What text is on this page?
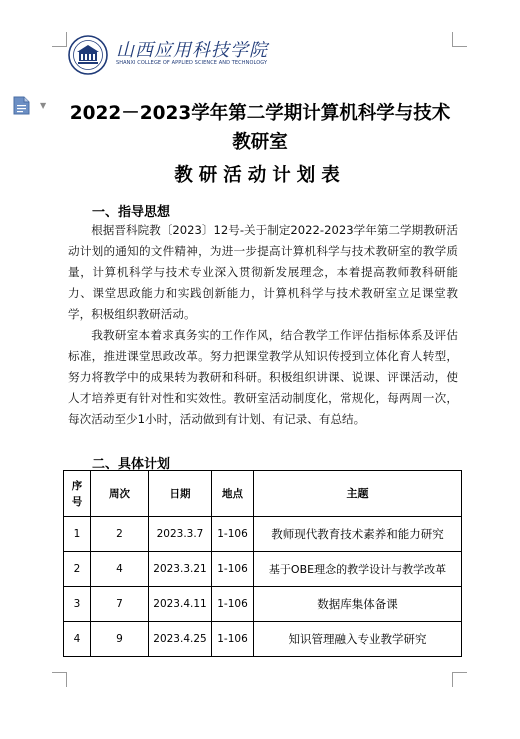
山西应用科技学院
SHANXI COLLEGE OF APPLIED SCIENCE AND TECHNOLOGY
▼	2022－2023学年第二学期计算机科学与技术
教研室
教研活动计划表
一、指导思想
根据晋科院教〔2023〕12号-关于制定2022-2023学年第二学期教研活动计划的通知的文件精神，为进一步提高计算机科学与技术教研室的教学质量，计算机科学与技术专业深入贯彻新发展理念，本着提高教师教科研能力、课堂思政能力和实践创新能力，计算机科学与技术教研室立足课堂教学，积极组织教研活动。
我教研室本着求真务实的工作作风，结合教学工作评估指标体系及评估标准，推进课堂思政改革。努力把课堂教学从知识传授到立体化育人转型，努力将教学中的成果转为教研和科研。积极组织讲课、说课、评课活动，使人才培养更有针对性和实效性。教研室活动制度化，常规化，每两周一次，每次活动至少1小时，活动做到有计划、有记录、有总结。
二、具体计划
序号	周次	日期	地点	主题
1	2	2023.3.7	1-106	教师现代教育技术素养和能力研究
2	4	2023.3.21	1-106	基于OBE理念的教学设计与教学改革
3	7	2023.4.11	1-106	数据库集体备课
4	9	2023.4.25	1-106	知识管理融入专业教学研究
